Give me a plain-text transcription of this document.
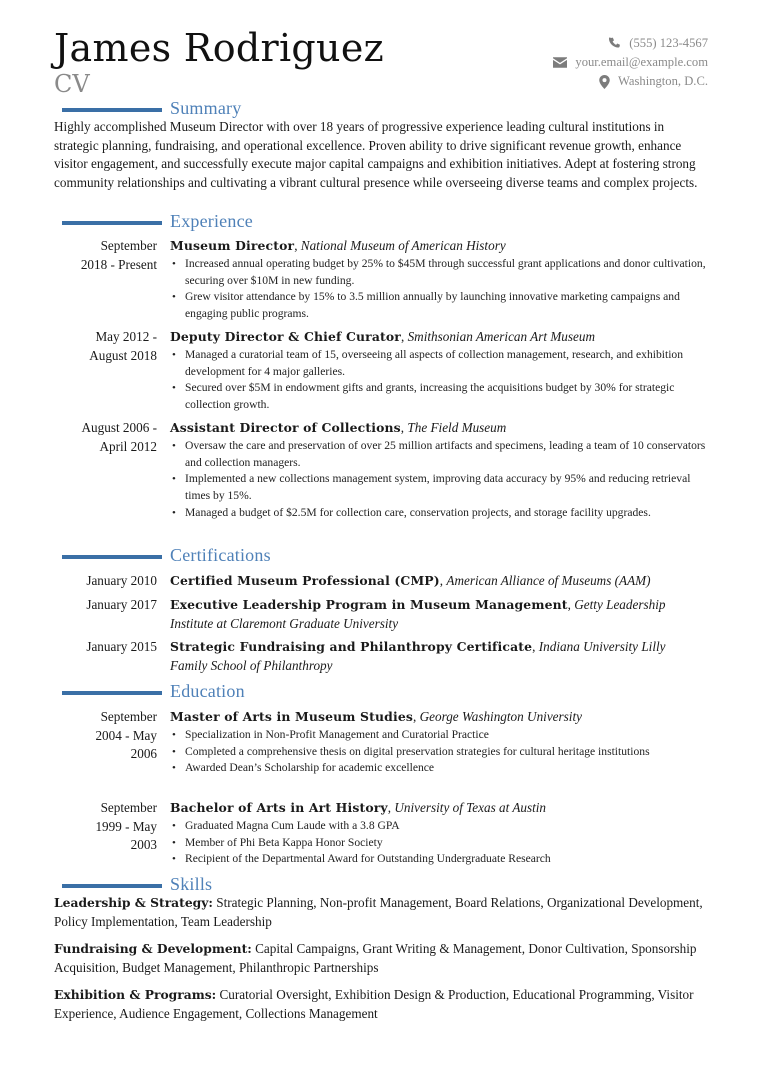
James Rodriguez
CV
(555) 123-4567
your.email@example.com
Washington, D.C.
Summary
Highly accomplished Museum Director with over 18 years of progressive experience leading cultural institutions in strategic planning, fundraising, and operational excellence. Proven ability to drive significant revenue growth, enhance visitor engagement, and successfully execute major capital campaigns and exhibition initiatives. Adept at fostering strong community relationships and cultivating a vibrant cultural presence while overseeing diverse teams and complex projects.
Experience
September
2018 - Present
Museum Director, National Museum of American History
• Increased annual operating budget by 25% to $45M through successful grant applications and donor cultivation, securing over $10M in new funding.
• Grew visitor attendance by 15% to 3.5 million annually by launching innovative marketing campaigns and engaging public programs.
May 2012 -
August 2018
Deputy Director & Chief Curator, Smithsonian American Art Museum
• Managed a curatorial team of 15, overseeing all aspects of collection management, research, and exhibition development for 4 major galleries.
• Secured over $5M in endowment gifts and grants, increasing the acquisitions budget by 30% for strategic collection growth.
August 2006 -
April 2012
Assistant Director of Collections, The Field Museum
• Oversaw the care and preservation of over 25 million artifacts and specimens, leading a team of 10 conservators and collection managers.
• Implemented a new collections management system, improving data accuracy by 95% and reducing retrieval times by 15%.
• Managed a budget of $2.5M for collection care, conservation projects, and storage facility upgrades.
Certifications
January 2010 Certified Museum Professional (CMP), American Alliance of Museums (AAM)
January 2017 Executive Leadership Program in Museum Management, Getty Leadership Institute at Claremont Graduate University
January 2015 Strategic Fundraising and Philanthropy Certificate, Indiana University Lilly Family School of Philanthropy
Education
September
2004 - May
2006
Master of Arts in Museum Studies, George Washington University
• Specialization in Non-Profit Management and Curatorial Practice
• Completed a comprehensive thesis on digital preservation strategies for cultural heritage institutions
• Awarded Dean’s Scholarship for academic excellence
September
1999 - May
2003
Bachelor of Arts in Art History, University of Texas at Austin
• Graduated Magna Cum Laude with a 3.8 GPA
• Member of Phi Beta Kappa Honor Society
• Recipient of the Departmental Award for Outstanding Undergraduate Research
Skills
Leadership & Strategy: Strategic Planning, Non-profit Management, Board Relations, Organizational Development, Policy Implementation, Team Leadership
Fundraising & Development: Capital Campaigns, Grant Writing & Management, Donor Cultivation, Sponsorship Acquisition, Budget Management, Philanthropic Partnerships
Exhibition & Programs: Curatorial Oversight, Exhibition Design & Production, Educational Programming, Visitor Experience, Audience Engagement, Collections Management
